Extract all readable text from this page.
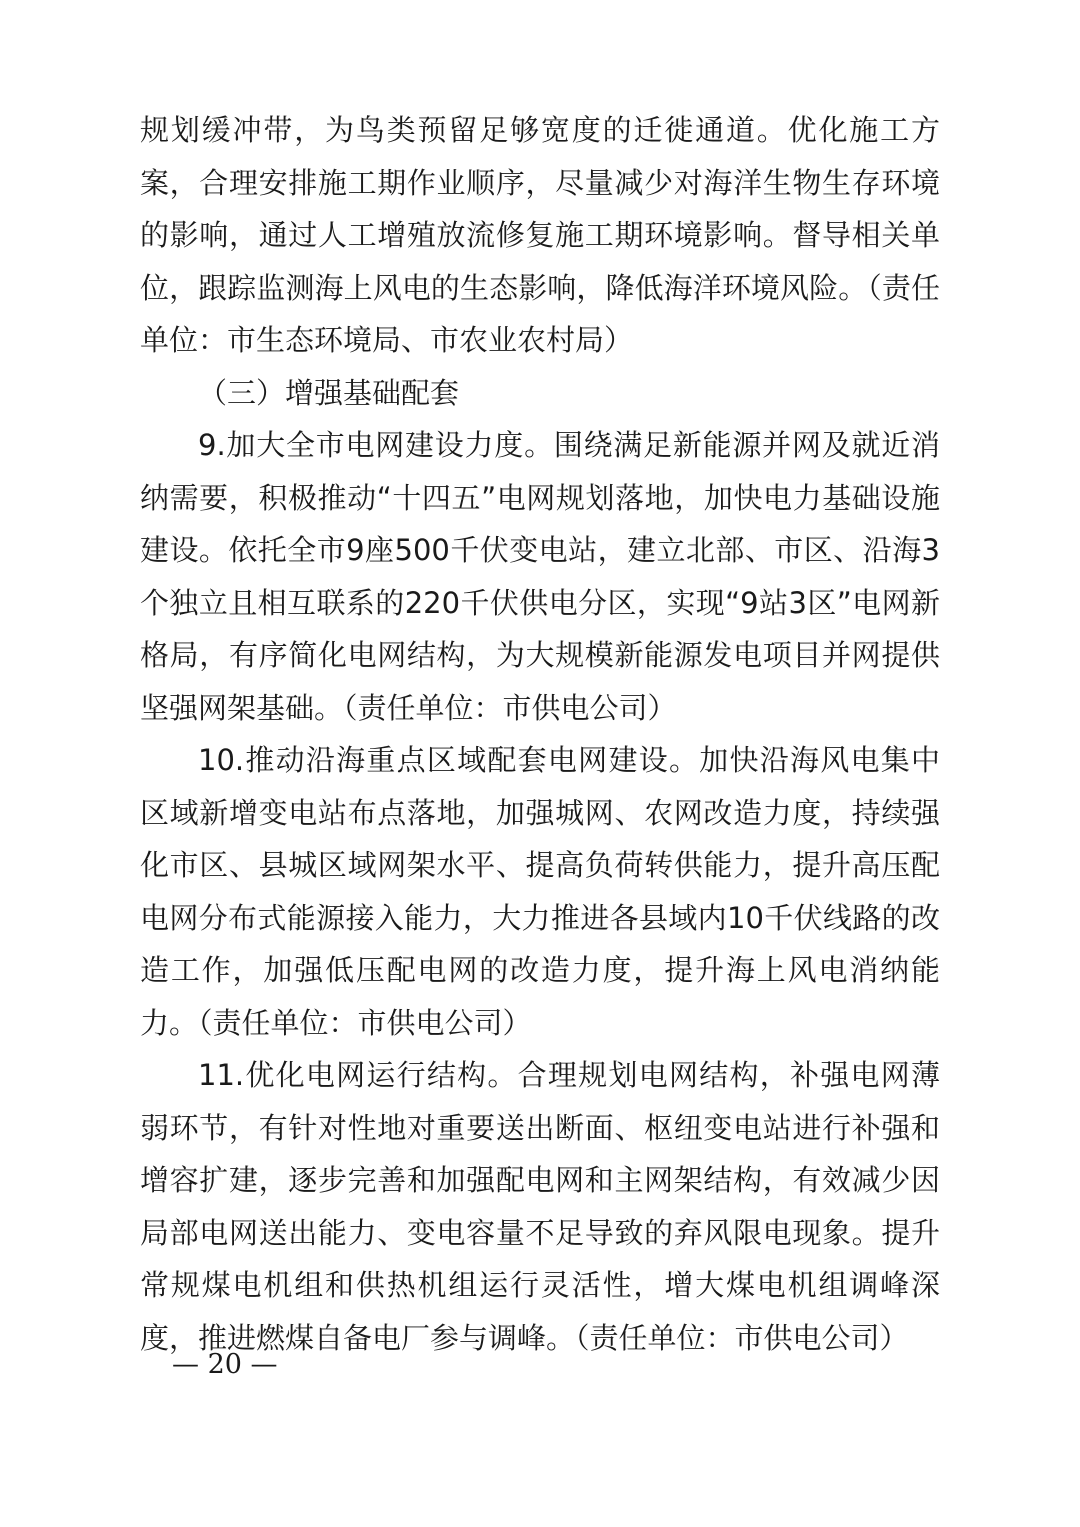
规划缓冲带，为鸟类预留足够宽度的迁徙通道。优化施工方案，合理安排施工期作业顺序，尽量减少对海洋生物生存环境的影响，通过人工增殖放流修复施工期环境影响。督导相关单位，跟踪监测海上风电的生态影响，降低海洋环境风险。（责任单位：市生态环境局、市农业农村局）

（三）增强基础配套

9.加大全市电网建设力度。围绕满足新能源并网及就近消纳需要，积极推动“十四五”电网规划落地，加快电力基础设施建设。依托全市9座500千伏变电站，建立北部、市区、沿海3个独立且相互联系的220千伏供电分区，实现“9站3区”电网新格局，有序简化电网结构，为大规模新能源发电项目并网提供坚强网架基础。（责任单位：市供电公司）

10.推动沿海重点区域配套电网建设。加快沿海风电集中区域新增变电站布点落地，加强城网、农网改造力度，持续强化市区、县城区域网架水平、提高负荷转供能力，提升高压配电网分布式能源接入能力，大力推进各县域内10千伏线路的改造工作，加强低压配电网的改造力度，提升海上风电消纳能力。（责任单位：市供电公司）

11.优化电网运行结构。合理规划电网结构，补强电网薄弱环节，有针对性地对重要送出断面、枢纽变电站进行补强和增容扩建，逐步完善和加强配电网和主网架结构，有效减少因局部电网送出能力、变电容量不足导致的弃风限电现象。提升常规煤电机组和供热机组运行灵活性，增大煤电机组调峰深度，推进燃煤自备电厂参与调峰。（责任单位：市供电公司）

— 20 —
